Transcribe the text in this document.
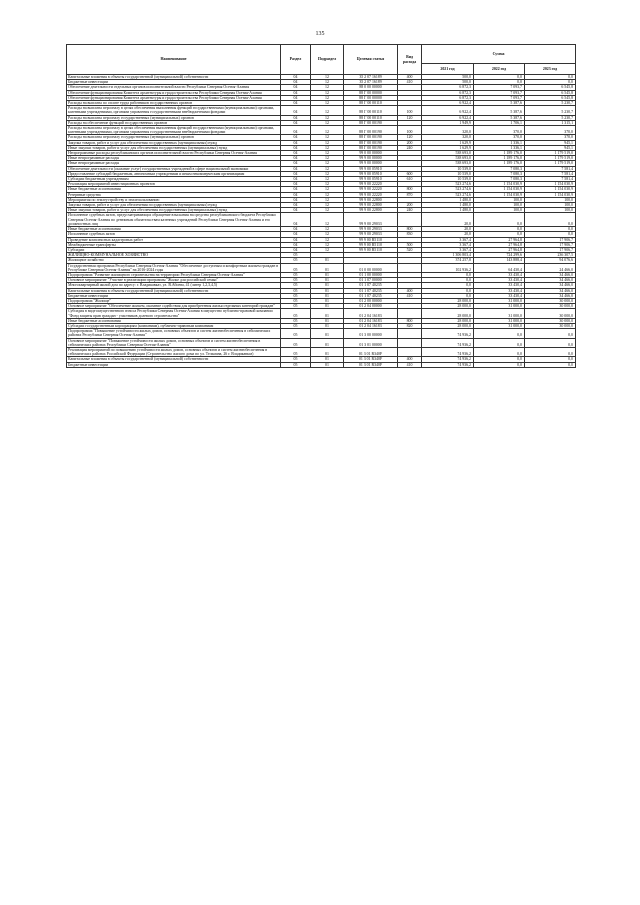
135
Наименование	Раздел	Подраздел	Целевая статья	Вид расхода	Сумма		
					2021 год	2022 год	2023 год
Капитальные вложения в объекты государственной (муниципальной) собственности	04	12	35 2 07 16189	400	500,0	0,0	0,0
Бюджетные инвестиции	04	12	35 2 07 16189	410	500,0	0,0	0,0
Обеспечение деятельности отдельных органов исполнительной власти Республики Северная Осетия-Алания	04	12	88 0 00 00000		6 872,3	7 093,7	6 545,8
Обеспечение функционирования Комитета архитектуры и градостроительства Республики Северная Осетия-Алания	04	12	88 Г 00 00000		6 872,3	7 093,7	6 545,8
Обеспечение функционирования Комитета архитектуры и градостроительства Республики Северная Осетия-Алания	04	12	88 Г 00 00000		6 872,3	7 093,7	6 545,8
Расходы на выплаты по оплате труда работников государственных органов	04	12	88 Г 00 00110		6 922,4	5 387,6	5 230,7
Расходы на выплаты персоналу в целях обеспечения выполнения функций государственными (муниципальными) органами, казенными учреждениями, органами управления государственными внебюджетными фондами	04	12	88 Г 00 00110	100	6 922,4	5 387,6	5 230,7
Расходы на выплаты персоналу государственных (муниципальных) органов	04	12	88 Г 00 00110	120	6 922,4	5 387,6	5 230,7
Расходы на обеспечение функций государственных органов	04	12	88 Г 00 00190		1 949,9	1 706,1	1 315,1
Расходы на выплаты персоналу в целях обеспечения выполнения функций государственными (муниципальными) органами, казенными учреждениями, органами управления государственными внебюджетными фондами	04	12	88 Г 00 00190	100	320,0	370,0	370,0
Расходы на выплаты персоналу государственных (муниципальных) органов	04	12	88 Г 00 00190	120	320,0	370,0	370,0
Закупка товаров, работ и услуг для обеспечения государственных (муниципальных) нужд	04	12	88 Г 00 00190	200	1 629,9	1 336,1	945,1
Иные закупки товаров, работ и услуг для обеспечения государственных (муниципальных) нужд	04	12	88 Г 00 00190	240	1 629,9	1 336,1	945,1
Непрограммные расходы республиканских органов исполнительной власти Республики Северная Осетия-Алания	04	12	99 0 00 00000		538 693,0	1 189 176,0	1 179 519,0
Иные непрограммные расходы	04	12	99 9 00 00000		538 693,0	1 189 176,0	1 179 519,0
Иные непрограммные расходы	04	12	99 9 00 00000		538 693,0	1 189 176,0	1 179 519,0
Обеспечение деятельности (оказание услуг) государственных учреждений в сфере национальной экономики	04	12	99 9 00 05910		10 539,0	7 080,3	7 581,4
Предоставление субсидий бюджетным, автономным учреждениям и иным некоммерческим организациям	04	12	99 9 00 05910	600	10 539,0	7 080,3	7 581,4
Субсидии бюджетным учреждениям	04	12	99 9 00 05910	610	10 539,0	7 080,3	7 581,4
Реализация мероприятий инвестиционных проектов	04	12	99 9 00 22220		523 274,6	1 154 030,9	1 154 030,9
Иные бюджетные ассигнования	04	12	99 9 00 22220	800	523 274,6	1 154 030,9	1 154 030,9
Резервные средства	04	12	99 9 00 22220	870	523 274,6	1 154 030,9	1 154 030,9
Мероприятия по землеустройству и землепользованию	04	12	99 9 00 22800		1 480,0	100,0	100,0
Закупка товаров, работ и услуг для обеспечения государственных (муниципальных) нужд	04	12	99 9 00 22800	200	1 480,0	100,0	100,0
Иные закупки товаров, работ и услуг для обеспечения государственных (муниципальных) нужд	04	12	99 9 00 22800	240	1 480,0	100,0	100,0
Исполнение судебных актов, предусматривающих обращение взыскания на средства республиканского бюджета Республики Северная Осетия-Алания по денежным обязательствам казенных учреждений Республики Северная Осетия-Алания и его должностных лиц	04	12	99 9 00 29033		20,0	0,0	0,0
Иные бюджетные ассигнования	04	12	99 9 00 29033	800	20,0	0,0	0,0
Исполнение судебных актов	04	12	99 9 00 29033	830	20,0	0,0	0,0
Проведение комплексных кадастровых работ	04	12	99 9 00 R5110		3 367,4	27 964,8	17 906,7
Межбюджетные трансферты	04	12	99 9 00 R5110	500	3 367,4	27 964,8	17 906,7
Субсидии	04	12	99 9 00 R5110	520	3 367,4	27 964,8	17 906,7
ЖИЛИЩНО-КОММУНАЛЬНОЕ ХОЗЯЙСТВО	05				1 306 803,4	724 299,6	236 307,5
Жилищное хозяйство	05	01			374 257,8	143 888,4	94 076,6
Государственная программа Республики Северная Осетия-Алания "Обеспечение доступным и комфортным жильем граждан в Республике Северная Осетия-Алания" на 2016-2024 годы	05	01	01 0 00 00000		102 936,2	64 430,4	24 466,0
Подпрограмма "Развитие жилищного строительства на территории Республики Северная Осетия-Алания"	05	01	01 1 00 00000		0,0	33 430,4	34 466,0
Основное мероприятие "Участие в реализации программы "Жилье для российской семьи"	05	01	01 1 07 00000		0,0	33 430,4	34 466,0
Многоквартирный жилой дом по адресу: г. Владикавказ, ул. В.Абоева, 41 (литер 1,2,3,4,5)	05	01	01 1 07 40235		0,0	33 430,4	34 466,0
Капитальные вложения в объекты государственной (муниципальной) собственности	05	01	01 1 07 40235	400	0,0	33 430,4	34 466,0
Бюджетные инвестиции	05	01	01 1 07 40235	410	0,0	33 430,4	34 466,0
Подпрограмма "Жилище"	05	01	01 2 00 00000		28 000,0	31 000,0	30 000,0
Основное мероприятие "Обеспечение жильем, оказание содействия для приобретения жилья отдельных категорий граждан"	05	01	01 2 04 00000		28 000,0	31 000,0	30 000,0
Субсидия в виде имущественного взноса Республики Северная Осетия-Алания в имущество публично-правовой компании "Фонд защиты прав граждан - участников долевого строительства"	05	01	01 2 04 16183		28 000,0	31 000,0	30 000,0
Иные бюджетные ассигнования	05	01	01 2 04 16183	800	28 000,0	31 000,0	30 000,0
Субсидии государственным корпорациям (компаниям), публично-правовым компаниям	05	01	01 2 04 16183	820	28 000,0	31 000,0	30 000,0
Подпрограмма "Повышение устойчивости жилых домов, основных объектов и систем жизнеобеспечения в сейсмических районах Республики Северная Осетия-Алания"	05	01	01 3 00 00000		74 936,2	0,0	0,0
Основное мероприятие "Повышение устойчивости жилых домов, основных объектов и систем жизнеобеспечения в сейсмических районах Республики Северная Осетия-Алания"	05	01	01 3 01 00000		74 936,2	0,0	0,0
Реализация мероприятий по повышению устойчивости жилых домов, основных объектов и систем жизнеобеспечения в сейсмических районах Российской Федерации (Строительство жилого дома по ул. Тельмана, 26 г. Владикавказ)	05	01	01 3 01 R340F		74 936,2	0,0	0,0
Капитальные вложения в объекты государственной (муниципальной) собственности	05	01	01 3 01 R340F	400	74 936,2	0,0	0,0
Бюджетные инвестиции	05	01	01 3 01 R340F	410	74 936,2	0,0	0,0
